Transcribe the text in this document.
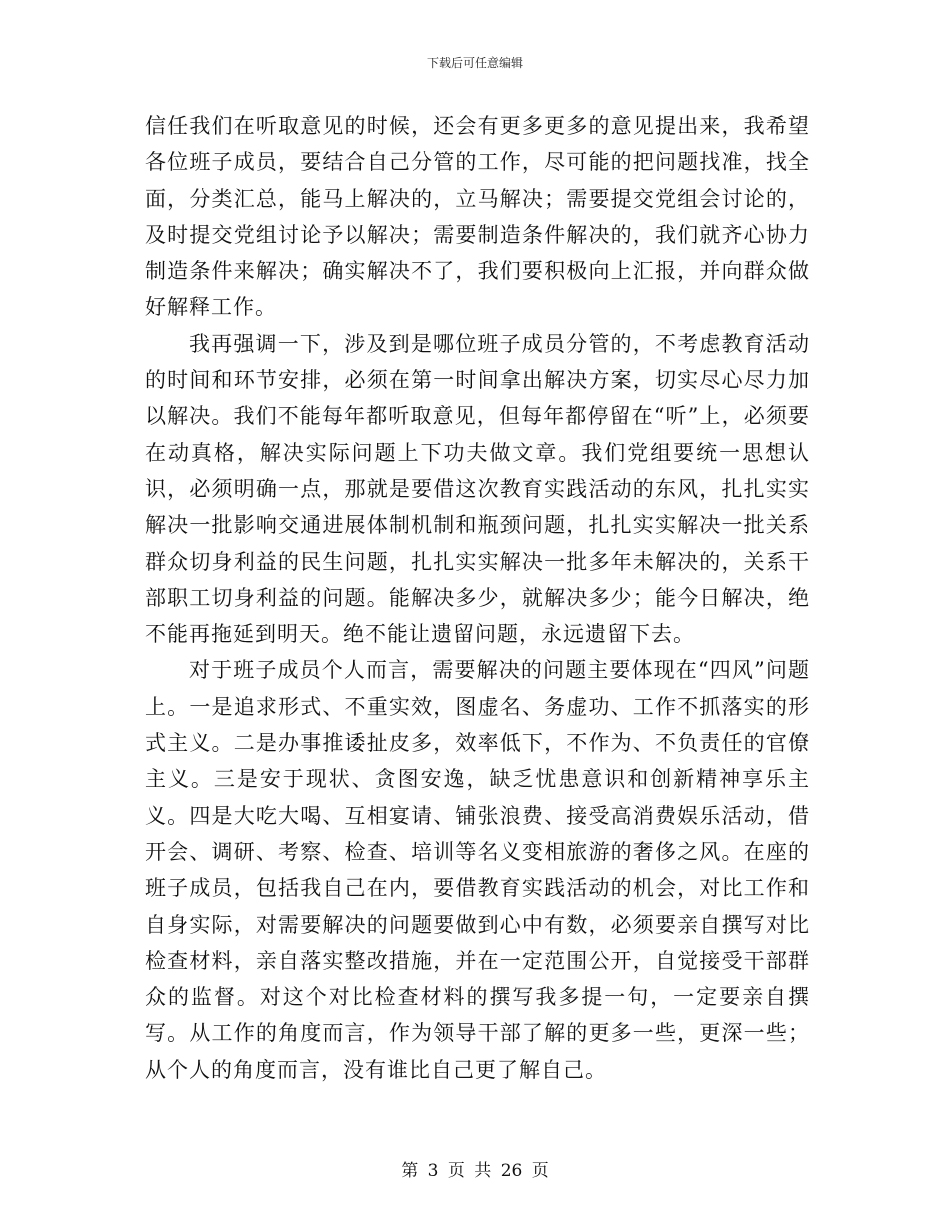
下载后可任意编辑

信任我们在听取意见的时候，还会有更多更多的意见提出来，我希望各位班子成员，要结合自己分管的工作，尽可能的把问题找准，找全面，分类汇总，能马上解决的，立马解决；需要提交党组会讨论的，及时提交党组讨论予以解决；需要制造条件解决的，我们就齐心协力制造条件来解决；确实解决不了，我们要积极向上汇报，并向群众做好解释工作。

我再强调一下，涉及到是哪位班子成员分管的，不考虑教育活动的时间和环节安排，必须在第一时间拿出解决方案，切实尽心尽力加以解决。我们不能每年都听取意见，但每年都停留在“听”上，必须要在动真格，解决实际问题上下功夫做文章。我们党组要统一思想认识，必须明确一点，那就是要借这次教育实践活动的东风，扎扎实实解决一批影响交通进展体制机制和瓶颈问题，扎扎实实解决一批关系群众切身利益的民生问题，扎扎实实解决一批多年未解决的，关系干部职工切身利益的问题。能解决多少，就解决多少；能今日解决，绝不能再拖延到明天。绝不能让遗留问题，永远遗留下去。

对于班子成员个人而言，需要解决的问题主要体现在“四风”问题上。一是追求形式、不重实效，图虚名、务虚功、工作不抓落实的形式主义。二是办事推诿扯皮多，效率低下，不作为、不负责任的官僚主义。三是安于现状、贪图安逸，缺乏忧患意识和创新精神享乐主义。四是大吃大喝、互相宴请、铺张浪费、接受高消费娱乐活动，借开会、调研、考察、检查、培训等名义变相旅游的奢侈之风。在座的班子成员，包括我自己在内，要借教育实践活动的机会，对比工作和自身实际，对需要解决的问题要做到心中有数，必须要亲自撰写对比检查材料，亲自落实整改措施，并在一定范围公开，自觉接受干部群众的监督。对这个对比检查材料的撰写我多提一句，一定要亲自撰写。从工作的角度而言，作为领导干部了解的更多一些，更深一些；从个人的角度而言，没有谁比自己更了解自己。

第 3 页 共 26 页
